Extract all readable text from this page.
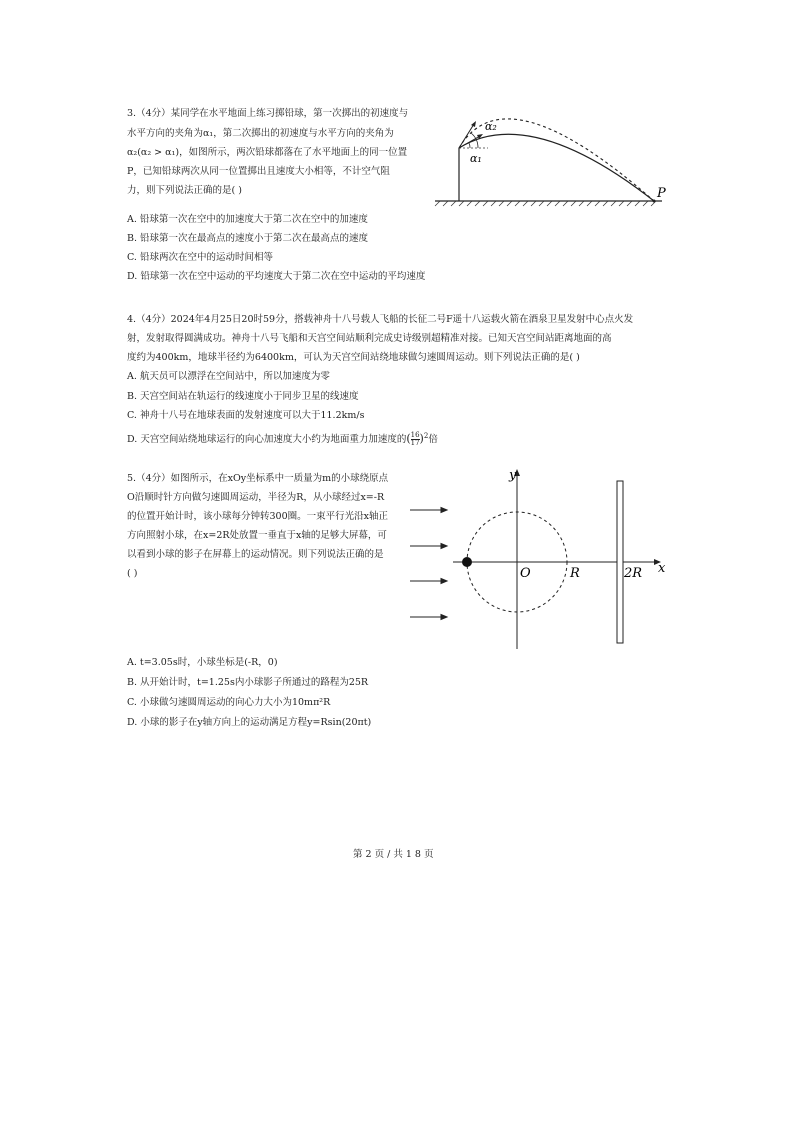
3.（4分）某同学在水平地面上练习掷铅球，第一次掷出的初速度与
水平方向的夹角为α₁，第二次掷出的初速度与水平方向的夹角为
α₂(α₂ > α₁)，如图所示，两次铅球都落在了水平地面上的同一位置
P，已知铅球两次从同一位置掷出且速度大小相等，不计空气阻
力，则下列说法正确的是( )
α₂
α₁
P
A. 铅球第一次在空中的加速度大于第二次在空中的加速度
B. 铅球第一次在最高点的速度小于第二次在最高点的速度
C. 铅球两次在空中的运动时间相等
D. 铅球第一次在空中运动的平均速度大于第二次在空中运动的平均速度
4.（4分）2024年4月25日20时59分，搭载神舟十八号载人飞船的长征二号F遥十八运载火箭在酒泉卫星发射中心点火发
射，发射取得圆满成功。神舟十八号飞船和天宫空间站顺利完成史诗级别超精准对接。已知天宫空间站距离地面的高
度约为400km，地球半径约为6400km，可认为天宫空间站绕地球做匀速圆周运动。则下列说法正确的是( )
A. 航天员可以漂浮在空间站中，所以加速度为零
B. 天宫空间站在轨运行的线速度小于同步卫星的线速度
C. 神舟十八号在地球表面的发射速度可以大于11.2km/s
D. 天宫空间站绕地球运行的向心加速度大小约为地面重力加速度的( $\frac{16}{17} )^2$倍
5.（4分）如图所示，在xOy坐标系中一质量为m的小球绕原点
O沿顺时针方向做匀速圆周运动，半径为R，从小球经过x=-R
的位置开始计时，该小球每分钟转300圈。一束平行光沿x轴正
方向照射小球，在x=2R处放置一垂直于x轴的足够大屏幕，可
以看到小球的影子在屏幕上的运动情况。则下列说法正确的是
( )
y
x
O	R	2R
A. t=3.05s时，小球坐标是(-R，0)
B. 从开始计时，t=1.25s内小球影子所通过的路程为25R
C. 小球做匀速圆周运动的向心力大小为10mπ²R
D. 小球的影子在y轴方向上的运动满足方程y=Rsin(20πt)
第 2 页 / 共 1 8 页
